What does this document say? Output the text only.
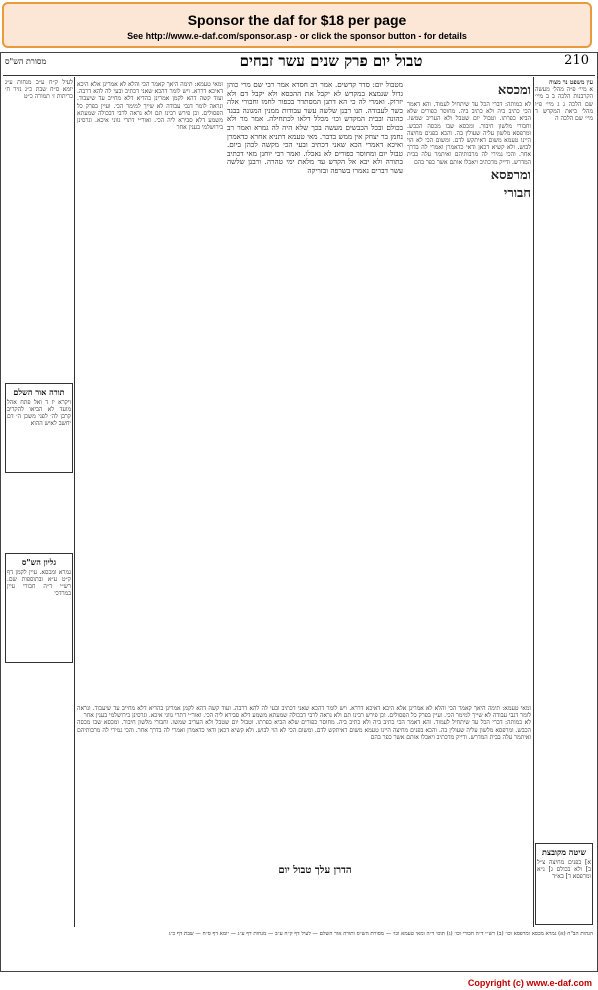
Sponsor the daf for $18 per page
See http://www.e-daf.com/sponsor.asp - or click the sponsor button - for details
מסורת הש"ס	טבול יום פרק שנים עשר זבחים	210

לעיל ק״ח ע״ב מנחות ע״ג יומא ס״ח שבת כ״ג נזיר ח׳ כריתות ז׳ תמורה כ״ט

תורה אור השלם
ויקרא יז ד ואל פתח אהל מועד לא הביאו להקריב קרבן לה׳ לפני משכן ה׳ דם יחשב לאיש ההוא
גליון הש"ס
גמרא ומכסא. עיין לקמן דף ק״ט ע״א ובתוספות שם. רש״י ד״ה חבורי עיין במרדכי

ומאי טעמא: תימה היאך קאמר הכי והלא לא אמרינן אלא היכא דאיכא דררא. ויש לומר דהכא שאני דכתיב ובעי לה להא דרבה. ועוד קשה דהא לקמן אמרינן בהדיא דלא מחייב עד שיעבוד. ונראה לומר דגבי עבודה לא שייך למימר הכי. ועיין בפרק כל הפסולים. וכן פירש רבינו תם ולא נראה לרבי דבכולה שמעתא משמע דלא סבירא ליה הכי. ואור״י דתרי גווני איכא. וגרסינן בירושלמי בענין אחר

מטבול יום: סדר קדשים. אמר רב חסדא אמר רבי שם מרי כוהן גדול שנמצא במקדש לא יקבל את ההכסא ולא יקבל דם ולא יזרוק. ואמרי לה כי הא דתנן המסתדר בכפור לחמו וחבורי אלה כשר לעבודה. תנו רבנן שלשה עשר עבודות ממנין המגונה בבגד כהונה ובבית המקדש וכו׳ מכלל דלאו לכתחילה. אמר מר ולא בכולם ובכל הכבשים מעשה בכך שלא היה לה גמרא ואמר רב נחמן בר יצחק אין ממש בדבר. מאי טעמא דתניא אחרא כדאמרן ואיכא דאמרי הכא שאני דכתיב ובעי הכי מקשה לכהן ביום. טבול יום ומחוסר כפורים לא נאכלו. ואמר רבי יוחנן מאי דכתיב בתורה ולא יבא אל הקדש עד מלאת ימי טהרה. ורבנן שלשה עשר דברים נאמרו בשרפה ובזריקה

ומכסא

לא כמותה: דברי הכל עד שיתחיל לעמוד. והא דאמר הכי כתיב ביה ולא כתיב ביה. מחוסר כפורים שלא הביא כפרתו. וטבול יום שטבל ולא העריב שמשו. וחבורי מלשון חיבור. ומכסא שבו מכסה הכבש. ומרפסא מלשון עליה שעולין בה. והכא בפנים מחיצה היינו טעמא משום דאיתקש לדם. ומשום הכי לא הוי לבוש. ולא קשיא דכאן ודאי כדאמרן ואמרי לה בדרך אחר. והכי גמירי לה מרבותיהם ואיתמר עלה בבית המדרש. ודייק מדכתיב ויאכלו אותם אשר כפר בהם

ומרפסא
חבורי

עין משפט נר מצוה

א מיי׳ פ״ה מהל׳ מעשה הקרבנות הלכה ב ב מיי׳ שם הלכה ג ג מיי׳ פ״ו מהל׳ ביאת המקדש ד מיי׳ שם הלכה ה

שיטה מקובצת
א] בפנים מחיצה צ״ל ב] ולא בכולם ג] נ״א ומרפסא ד] בא״ד

ומאי טעמא: תימה היאך קאמר הכי והלא לא אמרינן אלא היכא דאיכא דררא. ויש לומר דהכא שאני דכתיב ובעי לה להא דרבה. ועוד קשה דהא לקמן אמרינן בהדיא דלא מחייב עד שיעבוד. ונראה לומר דגבי עבודה לא שייך למימר הכי. ועיין בפרק כל הפסולים. וכן פירש רבינו תם ולא נראה לרבי דבכולה שמעתא משמע דלא סבירא ליה הכי. ואור״י דתרי גווני איכא. וגרסינן בירושלמי בענין אחר

לא כמותה: דברי הכל עד שיתחיל לעמוד. והא דאמר הכי כתיב ביה ולא כתיב ביה. מחוסר כפורים שלא הביא כפרתו. וטבול יום שטבל ולא העריב שמשו. וחבורי מלשון חיבור. ומכסא שבו מכסה הכבש. ומרפסא מלשון עליה שעולין בה. והכא בפנים מחיצה היינו טעמא משום דאיתקש לדם. ומשום הכי לא הוי לבוש. ולא קשיא דכאן ודאי כדאמרן ואמרי לה בדרך אחר. והכי גמירי לה מרבותיהם ואיתמר עלה בבית המדרש. ודייק מדכתיב ויאכלו אותם אשר כפר בהם

הדרן עלך טבול יום

הגהות הב"ח (א) גמרא מכסא ומרפסא וכו׳ (ב) רש״י ד״ה חבורי וכו׳ (ג) תוס׳ ד״ה ומאי טעמא וכו׳ — מסורת הש״ס ותורה אור השלם — לעיל דף ק״ח ע״ב — מנחות דף ע״ג — יומא דף ס״ח — שבת דף כ״ג

Copyright (c) www.e-daf.com
